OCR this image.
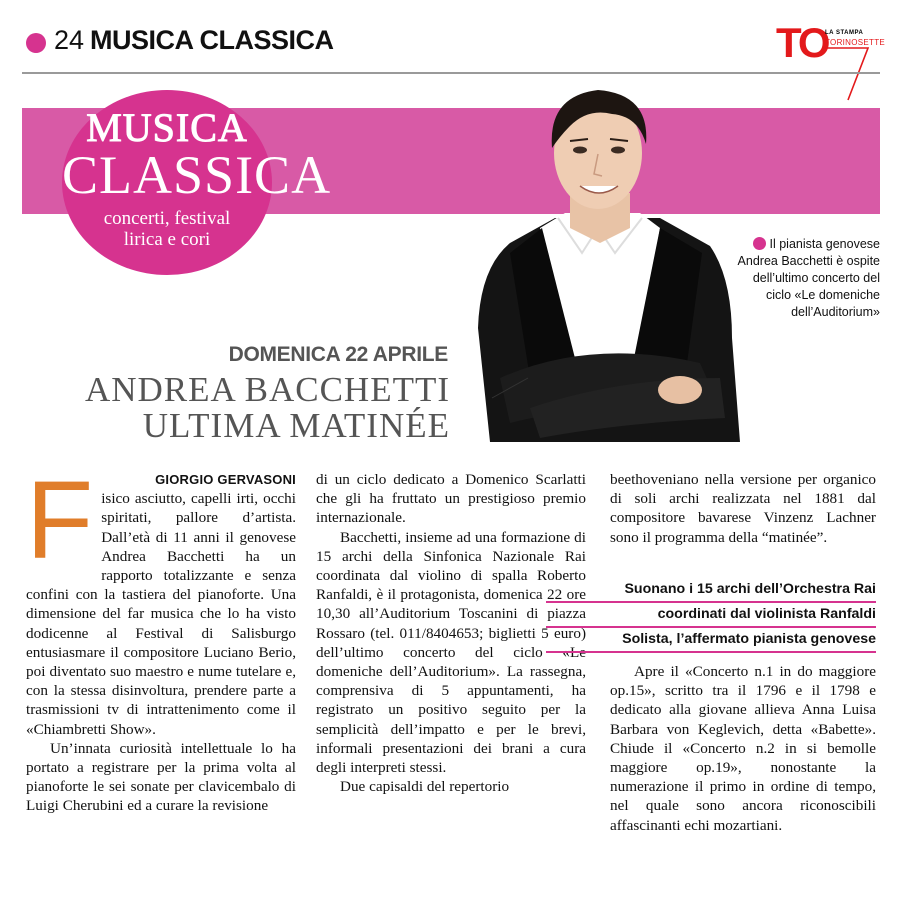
24 MUSICA CLASSICA	TO
LA STAMPA
TORINOSETTE
MUSICA
CLASSICA
concerti, festival
lirica e cori	Il pianista genovese Andrea Bacchetti è ospite dell’ultimo concerto del ciclo «Le domeniche dell’Auditorium»
DOMENICA 22 APRILE
ANDREA BACCHETTI
ULTIMA MATINÉE
F	GIORGIO GERVASONI

isico asciutto, capelli irti, occhi spiritati, pallore d’artista. Dall’età di 11 anni il genovese Andrea Bacchetti ha un rapporto totalizzante e senza confini con la tastiera del pianoforte. Una dimensione del far musica che lo ha visto dodicenne al Festival di Salisburgo entusiasmare il compositore Luciano Berio, poi diventato suo maestro e nume tutelare e, con la stessa disinvoltura, prendere parte a trasmissioni tv di intrattenimento come il «Chiambretti Show».

Un’innata curiosità intellettuale lo ha portato a registrare per la prima volta al pianoforte le sei sonate per clavicembalo di Luigi Cherubini ed a curare la revisione

di un ciclo dedicato a Domenico Scarlatti che gli ha fruttato un prestigioso premio internazionale.

Bacchetti, insieme ad una formazione di 15 archi della Sinfonica Nazionale Rai coordinata dal violino di spalla Roberto Ranfaldi, è il protagonista, domenica 22 ore 10,30 all’Auditorium Toscanini di piazza Rossaro (tel. 011/8404653; biglietti 5 euro) dell’ultimo concerto del ciclo «Le domeniche dell’Auditorium». La rassegna, comprensiva di 5 appuntamenti, ha registrato un positivo seguito per la semplicità dell’impatto e per le brevi, informali presentazioni dei brani a cura degli interpreti stessi.

Due capisaldi del repertorio

beethoveniano nella versione per organico di soli archi realizzata nel 1881 dal compositore bavarese Vinzenz Lachner sono il programma della “matinée”.

Suonano i 15 archi dell’Orchestra Rai
coordinati dal violinista Ranfaldi
Solista, l’affermato pianista genovese

Apre il «Concerto n.1 in do maggiore op.15», scritto tra il 1796 e il 1798 e dedicato alla giovane allieva Anna Luisa Barbara von Keglevich, detta «Babette». Chiude il «Concerto n.2 in si bemolle maggiore op.19», nonostante la numerazione il primo in ordine di tempo, nel quale sono ancora riconoscibili affascinanti echi mozartiani.
